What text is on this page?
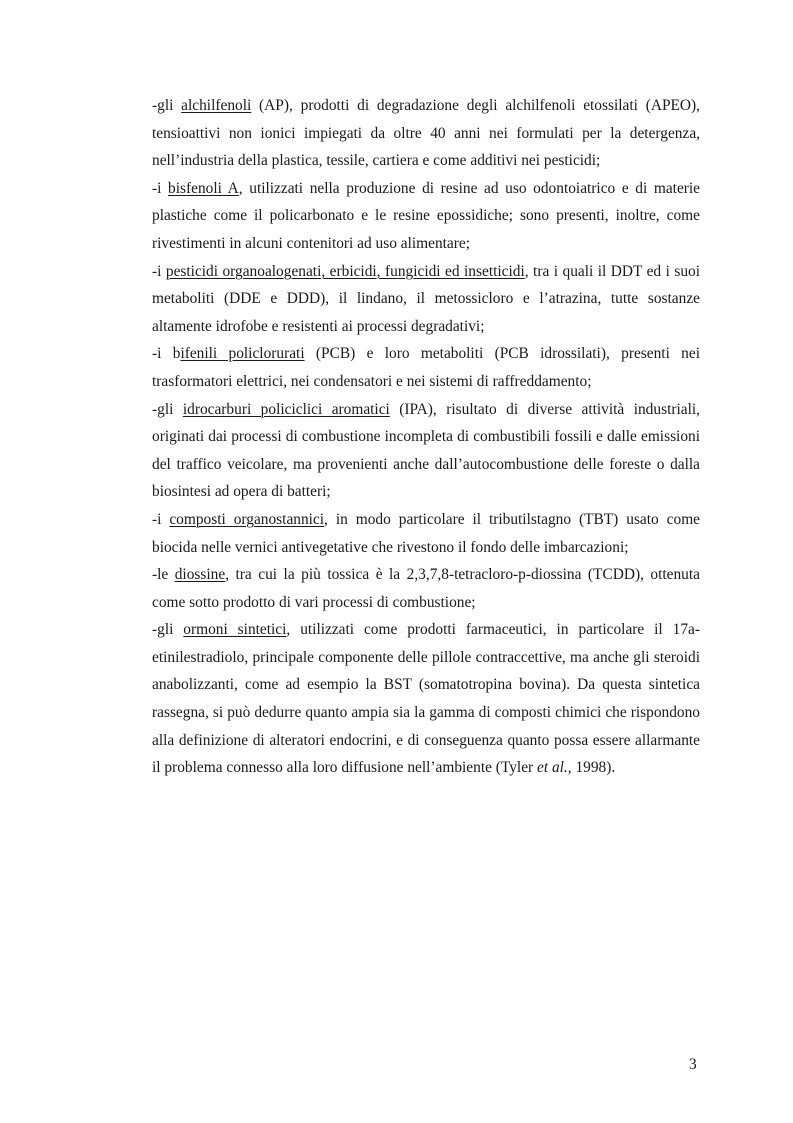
-gli alchilfenoli (AP), prodotti di degradazione degli alchilfenoli etossilati (APEO), tensioattivi non ionici impiegati da oltre 40 anni nei formulati per la detergenza, nell’industria della plastica, tessile, cartiera e come additivi nei pesticidi;

-i bisfenoli A, utilizzati nella produzione di resine ad uso odontoiatrico e di materie plastiche come il policarbonato e le resine epossidiche; sono presenti, inoltre, come rivestimenti in alcuni contenitori ad uso alimentare;

-i pesticidi organoalogenati, erbicidi, fungicidi ed insetticidi, tra i quali il DDT ed i suoi metaboliti (DDE e DDD), il lindano, il metossicloro e l’atrazina, tutte sostanze altamente idrofobe e resistenti ai processi degradativi;

-i bifenili policlorurati (PCB) e loro metaboliti (PCB idrossilati), presenti nei trasformatori elettrici, nei condensatori e nei sistemi di raffreddamento;

-gli idrocarburi policiclici aromatici (IPA), risultato di diverse attività industriali, originati dai processi di combustione incompleta di combustibili fossili e dalle emissioni del traffico veicolare, ma provenienti anche dall’autocombustione delle foreste o dalla biosintesi ad opera di batteri;

-i composti organostannici, in modo particolare il tributilstagno (TBT) usato come biocida nelle vernici antivegetative che rivestono il fondo delle imbarcazioni;

-le diossine, tra cui la più tossica è la 2,3,7,8-tetracloro-p-diossina (TCDD), ottenuta come sotto prodotto di vari processi di combustione;

-gli ormoni sintetici, utilizzati come prodotti farmaceutici, in particolare il 17a-etinilestradiolo, principale componente delle pillole contraccettive, ma anche gli steroidi anabolizzanti, come ad esempio la BST (somatotropina bovina). Da questa sintetica rassegna, si può dedurre quanto ampia sia la gamma di composti chimici che rispondono alla definizione di alteratori endocrini, e di conseguenza quanto possa essere allarmante il problema connesso alla loro diffusione nell’ambiente (Tyler et al., 1998).

3
